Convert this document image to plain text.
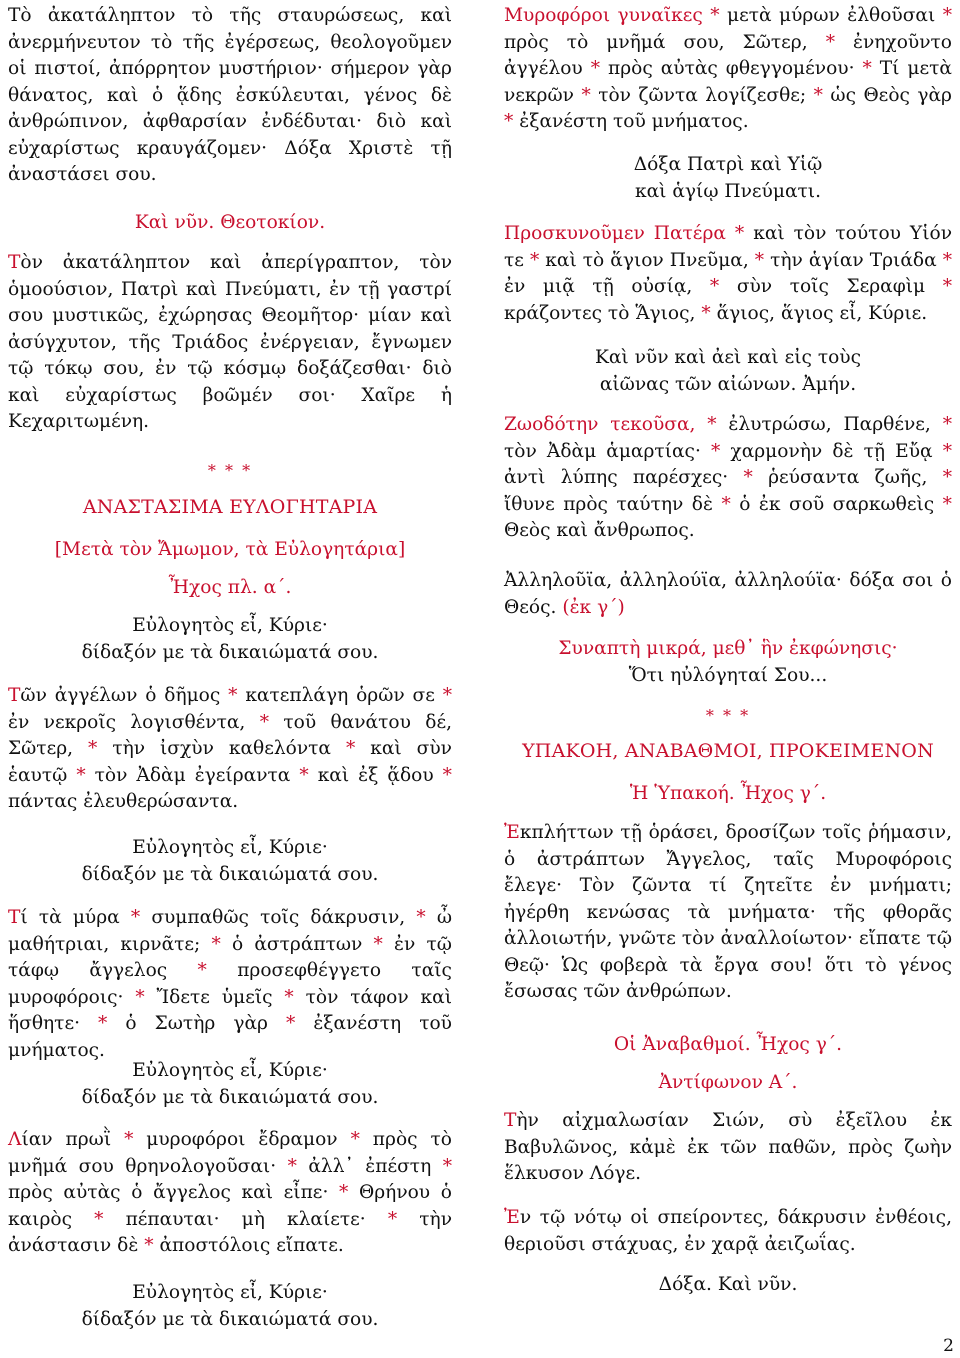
Τὸ ἀκατάληπτον τὸ τῆς σταυρώσεως, καὶ ἀνερμήνευτον τὸ τῆς ἐγέρσεως, θεολογοῦμεν οἱ πιστοί, ἀπόρρητον μυστήριον· σήμερον γὰρ θάνατος, καὶ ὁ ᾅδης ἐσκύλευται, γένος δὲ ἀνθρώπινον, ἀφθαρσίαν ἐνδέδυται· διὸ καὶ εὐχαρίστως κραυγάζομεν· Δόξα Χριστὲ τῇ ἀναστάσει σου.

Καὶ νῦν. Θεοτοκίον.

Τὸν ἀκατάληπτον καὶ ἀπερίγραπτον, τὸν ὁμοούσιον, Πατρὶ καὶ Πνεύματι, ἐν τῇ γαστρί σου μυστικῶς, ἐχώρησας Θεομῆτορ· μίαν καὶ ἀσύγχυτον, τῆς Τριάδος ἐνέργειαν, ἔγνωμεν τῷ τόκῳ σου, ἐν τῷ κόσμῳ δοξάζεσθαι· διὸ καὶ εὐχαρίστως βοῶμέν σοι· Χαῖρε ἡ Κεχαριτωμένη.

* * *
ΑΝΑΣΤΑΣΙΜΑ ΕΥΛΟΓΗΤΑΡΙΑ
[Μετὰ τὸν Ἄμωμον, τὰ Εὐλογητάρια]
Ἦχος πλ. α΄.
Εὐλογητὸς εἶ, Κύριε·
δίδαξόν με τὰ δικαιώματά σου.

Τῶν ἀγγέλων ὁ δῆμος * κατεπλάγη ὁρῶν σε * ἐν νεκροῖς λογισθέντα, * τοῦ θανάτου δέ, Σῶτερ, * τὴν ἰσχὺν καθελόντα * καὶ σὺν ἑαυτῷ * τὸν Ἀδὰμ ἐγείραντα * καὶ ἐξ ᾅδου * πάντας ἐλευθερώσαντα.

Εὐλογητὸς εἶ, Κύριε·
δίδαξόν με τὰ δικαιώματά σου.

Τί τὰ μύρα * συμπαθῶς τοῖς δάκρυσιν, * ὦ μαθήτριαι, κιρνᾶτε; * ὁ ἀστράπτων * ἐν τῷ τάφῳ ἄγγελος * προσεφθέγγετο ταῖς μυροφόροις· * Ἴδετε ὑμεῖς * τὸν τάφον καὶ ἥσθητε· * ὁ Σωτὴρ γὰρ * ἐξανέστη τοῦ μνήματος.

Εὐλογητὸς εἶ, Κύριε·
δίδαξόν με τὰ δικαιώματά σου.

Λίαν πρωῒ * μυροφόροι ἔδραμον * πρὸς τὸ μνῆμά σου θρηνολογοῦσαι· * ἀλλ᾿ ἐπέστη * πρὸς αὐτὰς ὁ ἄγγελος καὶ εἶπε· * Θρήνου ὁ καιρὸς * πέπαυται· μὴ κλαίετε· * τὴν ἀνάστασιν δὲ * ἀποστόλοις εἴπατε.

Εὐλογητὸς εἶ, Κύριε·
δίδαξόν με τὰ δικαιώματά σου.

Μυροφόροι γυναῖκες * μετὰ μύρων ἐλθοῦσαι * πρὸς τὸ μνῆμά σου, Σῶτερ, * ἐνηχοῦντο ἀγγέλου * πρὸς αὐτὰς φθεγγομένου· * Τί μετὰ νεκρῶν * τὸν ζῶντα λογίζεσθε; * ὡς Θεὸς γὰρ * ἐξανέστη τοῦ μνήματος.

Δόξα Πατρὶ καὶ Υἱῷ
καὶ ἁγίῳ Πνεύματι.

Προσκυνοῦμεν Πατέρα * καὶ τὸν τούτου Υἱόν τε * καὶ τὸ ἅγιον Πνεῦμα, * τὴν ἁγίαν Τριάδα * ἐν μιᾷ τῇ οὐσίᾳ, * σὺν τοῖς Σεραφὶμ * κράζοντες τὸ Ἅγιος, * ἅγιος, ἅγιος εἶ, Κύριε.

Καὶ νῦν καὶ ἀεὶ καὶ εἰς τοὺς
αἰῶνας τῶν αἰώνων. Ἀμήν.

Ζωοδότην τεκοῦσα, * ἐλυτρώσω, Παρθένε, * τὸν Ἀδὰμ ἁμαρτίας· * χαρμονὴν δὲ τῇ Εὔᾳ * ἀντὶ λύπης παρέσχες· * ῥεύσαντα ζωῆς, * ἴθυνε πρὸς ταύτην δὲ * ὁ ἐκ σοῦ σαρκωθεὶς * Θεὸς καὶ ἄνθρωπος.

Ἀλληλοῦϊα, ἀλληλούϊα, ἀλληλούϊα· δόξα σοι ὁ Θεός. (ἐκ γ΄)

Συναπτὴ μικρά, μεθ᾿ ἣν ἐκφώνησις·
Ὅτι ηὐλόγηταί Σου...
* * *
ΥΠΑΚΟΗ, ΑΝΑΒΑΘΜΟΙ, ΠΡΟΚΕΙΜΕΝΟΝ
Ἡ Ὑπακοή. Ἦχος γ΄.

Ἐκπλήττων τῇ ὁράσει, δροσίζων τοῖς ῥήμασιν, ὁ ἀστράπτων Ἄγγελος, ταῖς Μυροφόροις ἔλεγε· Τὸν ζῶντα τί ζητεῖτε ἐν μνήματι; ἠγέρθη κενώσας τὰ μνήματα· τῆς φθορᾶς ἀλλοιωτήν, γνῶτε τὸν ἀναλλοίωτον· εἴπατε τῷ Θεῷ· Ὡς φοβερὰ τὰ ἔργα σου! ὅτι τὸ γένος ἔσωσας τῶν ἀνθρώπων.

Οἱ Ἀναβαθμοί. Ἦχος γ΄.
Ἀντίφωνον Α΄.

Τὴν αἰχμαλωσίαν Σιών, σὺ ἐξεῖλου ἐκ Βαβυλῶνος, κἀμὲ ἐκ τῶν παθῶν, πρὸς ζωὴν ἕλκυσον Λόγε.

Ἐν τῷ νότῳ οἱ σπείροντες, δάκρυσιν ἐνθέοις, θεριοῦσι στάχυας, ἐν χαρᾷ ἀειζωΐας.

Δόξα. Καὶ νῦν.
2
